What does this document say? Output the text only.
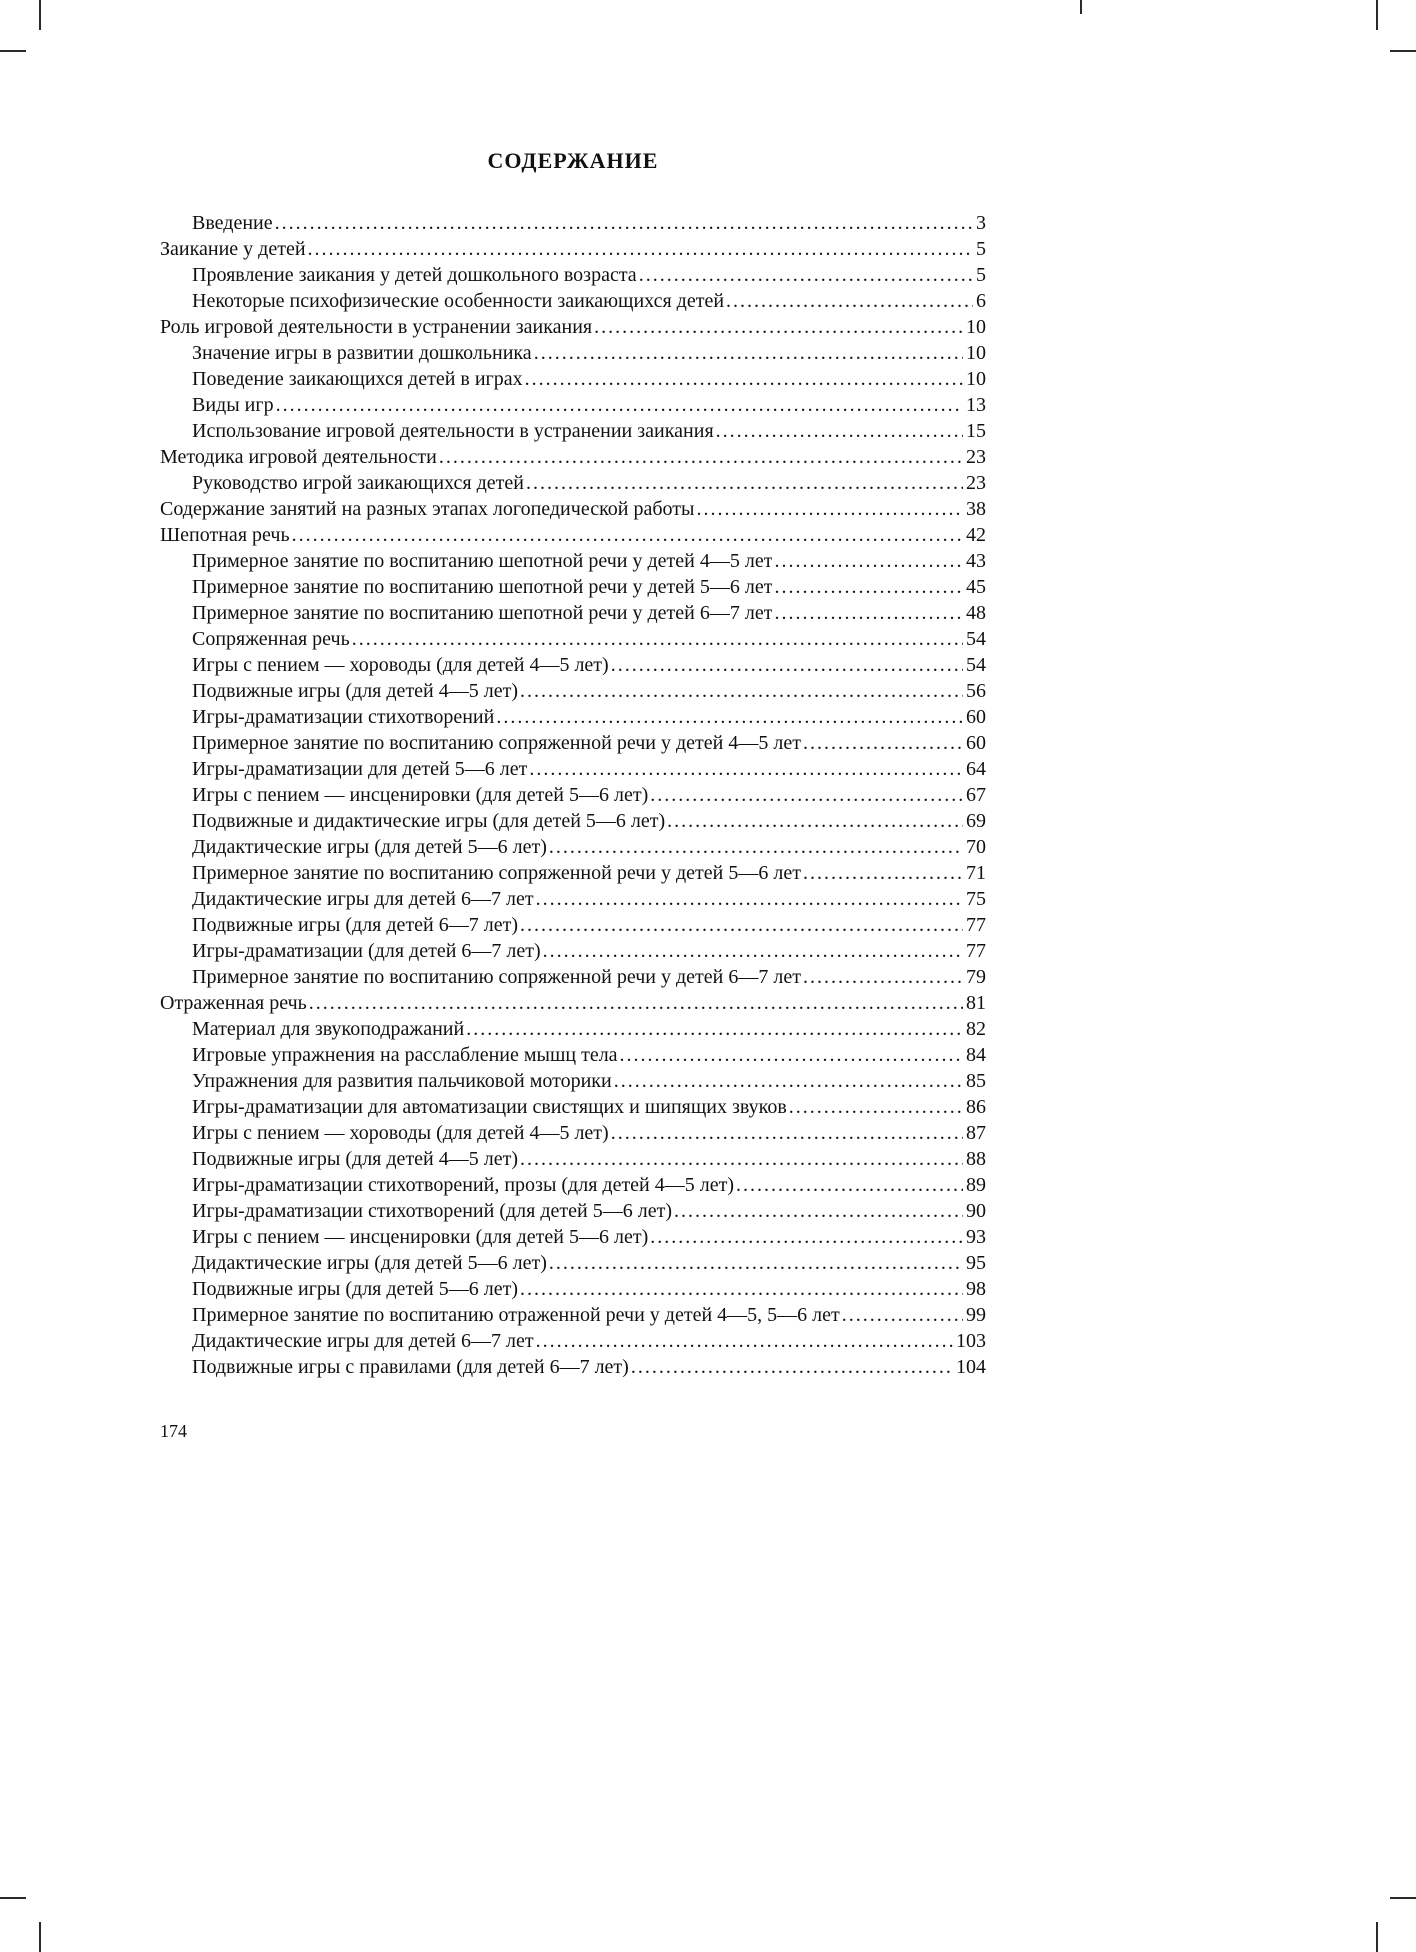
СОДЕРЖАНИЕ
Введение .....	3
Заикание у детей .....	5
Проявление заикания у детей дошкольного возраста .....	5
Некоторые психофизические особенности заикающихся детей .....	6
Роль игровой деятельности в устранении заикания .....	10
Значение игры в развитии дошкольника .....	10
Поведение заикающихся детей в играх .....	10
Виды игр .....	13
Использование игровой деятельности в устранении заикания .....	15
Методика игровой деятельности .....	23
Руководство игрой заикающихся детей .....	23
Содержание занятий на разных этапах логопедической работы .....	38
Шепотная речь .....	42
Примерное занятие по воспитанию шепотной речи у детей 4—5 лет .....	43
Примерное занятие по воспитанию шепотной речи у детей 5—6 лет .....	45
Примерное занятие по воспитанию шепотной речи у детей 6—7 лет .....	48
Сопряженная речь .....	54
Игры с пением — хороводы (для детей 4—5 лет) .....	54
Подвижные игры (для детей 4—5 лет) .....	56
Игры-драматизации стихотворений .....	60
Примерное занятие по воспитанию сопряженной речи у детей 4—5 лет .....	60
Игры-драматизации для детей 5—6 лет .....	64
Игры с пением — инсценировки (для детей 5—6 лет) .....	67
Подвижные и дидактические игры (для детей 5—6 лет) .....	69
Дидактические игры (для детей 5—6 лет) .....	70
Примерное занятие по воспитанию сопряженной речи у детей 5—6 лет .....	71
Дидактические игры для детей 6—7 лет .....	75
Подвижные игры (для детей 6—7 лет) .....	77
Игры-драматизации (для детей 6—7 лет) .....	77
Примерное занятие по воспитанию сопряженной речи у детей 6—7 лет .....	79
Отраженная речь .....	81
Материал для звукоподражаний .....	82
Игровые упражнения на расслабление мышц тела .....	84
Упражнения для развития пальчиковой моторики .....	85
Игры-драматизации для автоматизации свистящих и шипящих звуков .....	86
Игры с пением — хороводы (для детей 4—5 лет) .....	87
Подвижные игры (для детей 4—5 лет) .....	88
Игры-драматизации стихотворений, прозы (для детей 4—5 лет) .....	89
Игры-драматизации стихотворений (для детей 5—6 лет) .....	90
Игры с пением — инсценировки (для детей 5—6 лет) .....	93
Дидактические игры (для детей 5—6 лет) .....	95
Подвижные игры (для детей 5—6 лет) .....	98
Примерное занятие по воспитанию отраженной речи у детей 4—5, 5—6 лет .....	99
Дидактические игры для детей 6—7 лет .....	103
Подвижные игры с правилами (для детей 6—7 лет) .....	104
174
